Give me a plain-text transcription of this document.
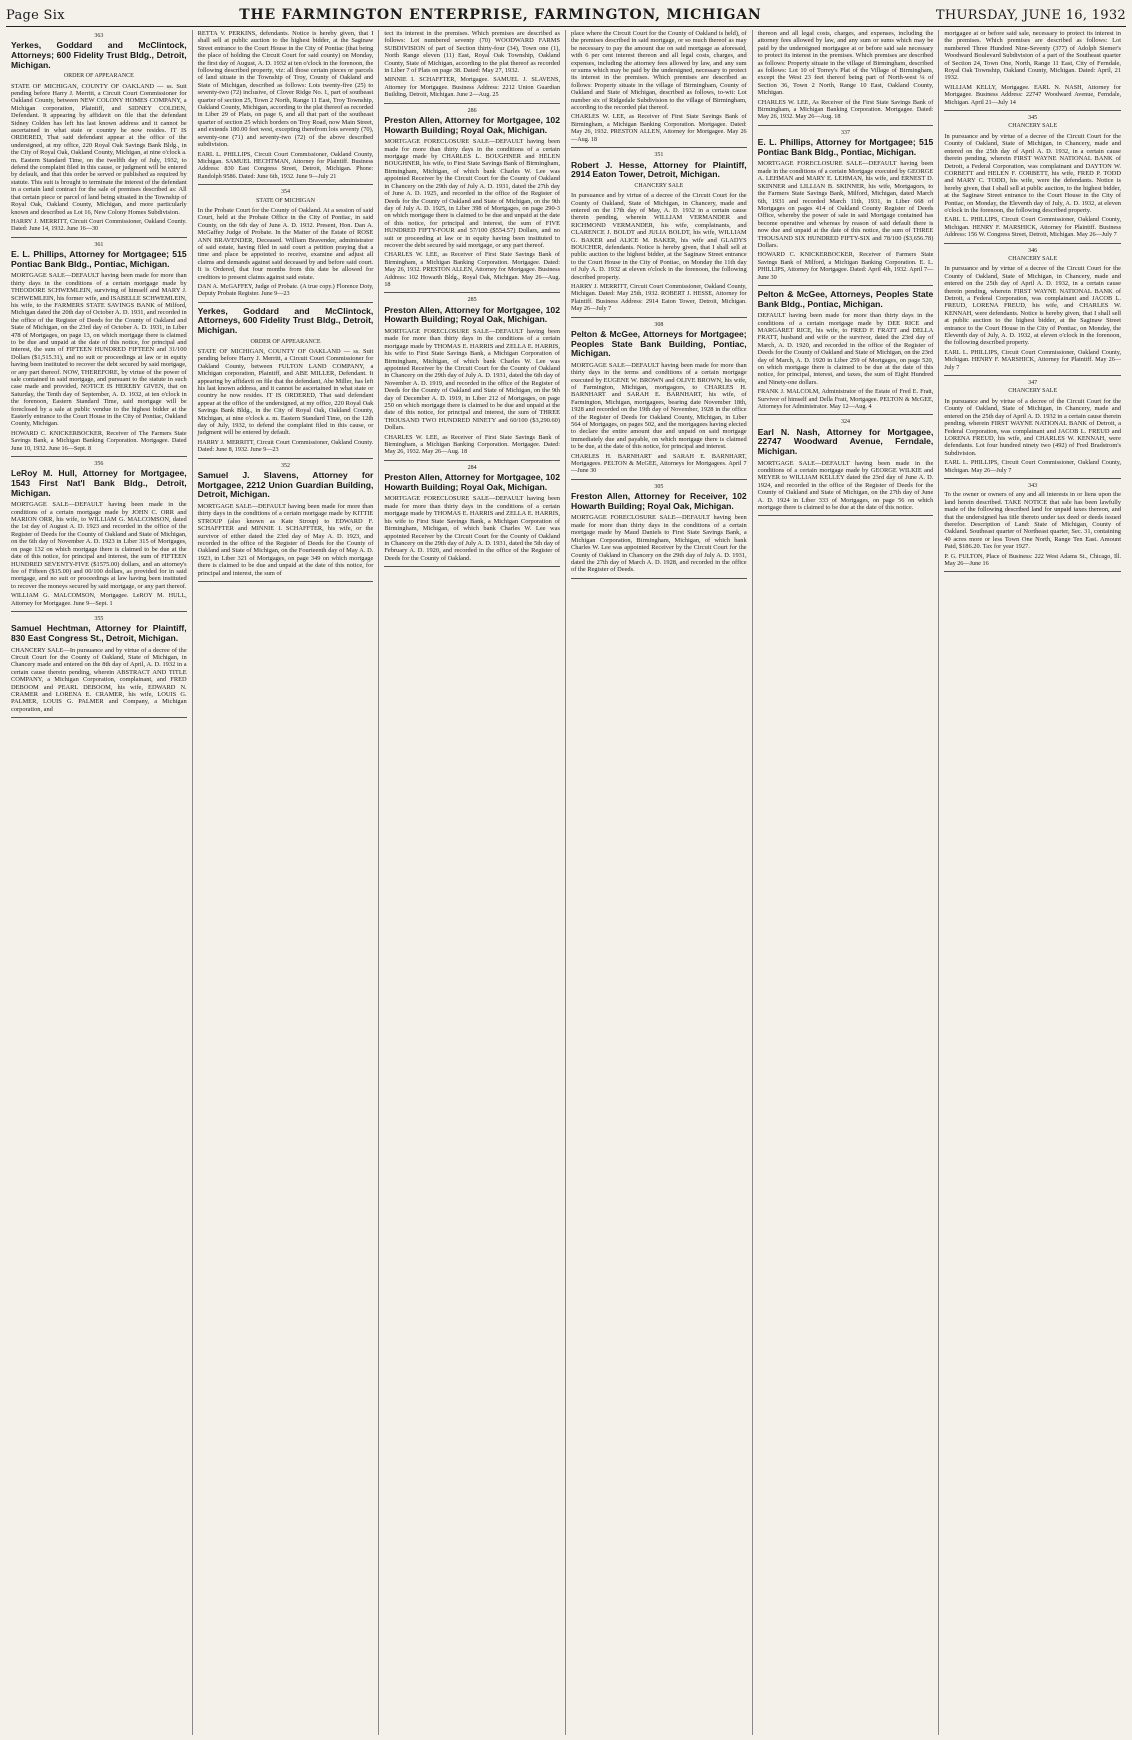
Page Six	THE FARMINGTON ENTERPRISE, FARMINGTON, MICHIGAN	THURSDAY, JUNE 16, 1932
363
Yerkes, Goddard and McClintock, Attorneys; 600 Fidelity Trust Bldg., Detroit, Michigan.
ORDER OF APPEARANCE

STATE OF MICHIGAN, COUNTY OF OAKLAND — ss. Suit pending before Harry J. Merritt, a Circuit Court Commissioner for Oakland County, between NEW COLONY HOMES COMPANY, a Michigan corporation, Plaintiff, and SIDNEY COLDEN, Defendant. It appearing by affidavit on file that the defendant Sidney Colden has left his last known address and it cannot be ascertained in what state or country he now resides. IT IS ORDERED, That said defendant appear at the office of the undersigned, at my office, 220 Royal Oak Savings Bank Bldg., in the City of Royal Oak, Oakland County, Michigan, at nine o'clock a. m. Eastern Standard Time, on the twelfth day of July, 1932, to defend the complaint filed in this cause, or judgment will be entered by default, and that this order be served or published as required by statute. This suit is brought to terminate the interest of the defendant in a certain land contract for the sale of premises described as: All that certain piece or parcel of land being situated in the Township of Royal Oak, Oakland County, Michigan, and more particularly known and described as Lot 16, New Colony Homes Subdivision.

HARRY J. MERRITT, Circuit Court Commissioner, Oakland County. Dated: June 14, 1932. June 16—30
361
E. L. Phillips, Attorney for Mortgagee; 515 Pontiac Bank Bldg., Pontiac, Michigan.

MORTGAGE SALE—DEFAULT having been made for more than thirty days in the conditions of a certain mortgage made by THEODORE SCHWEMLEIN, surviving of himself and MARY J. SCHWEMLEIN, his former wife, and ISABELLE SCHWEMLEIN, his wife, to the FARMERS STATE SAVINGS BANK of Milford, Michigan dated the 20th day of October A. D. 1931, and recorded in the office of the Register of Deeds for the County of Oakland and State of Michigan, on the 23rd day of October A. D. 1931, in Liber 478 of Mortgages, on page 13, on which mortgage there is claimed to be due and unpaid at the date of this notice, for principal and interest, the sum of FIFTEEN HUNDRED FIFTEEN and 31/100 Dollars ($1,515.31), and no suit or proceedings at law or in equity having been instituted to recover the debt secured by said mortgage, or any part thereof. NOW, THEREFORE, by virtue of the power of sale contained in said mortgage, and pursuant to the statute in such case made and provided, NOTICE IS HEREBY GIVEN, that on Saturday, the Tenth day of September, A. D. 1932, at ten o'clock in the forenoon, Eastern Standard Time, said mortgage will be foreclosed by a sale at public vendue to the highest bidder at the Easterly entrance to the Court House in the City of Pontiac, Oakland County, Michigan.

HOWARD C. KNICKERBOCKER, Receiver of The Farmers State Savings Bank, a Michigan Banking Corporation. Mortgagee. Dated June 10, 1932. June 16—Sept. 8
356
LeRoy M. Hull, Attorney for Mortgagee, 1543 First Nat'l Bank Bldg., Detroit, Michigan.

MORTGAGE SALE—DEFAULT having been made in the conditions of a certain mortgage made by JOHN C. ORR and MARION ORR, his wife, to WILLIAM G. MALCOMSON, dated the 1st day of August A. D. 1923 and recorded in the office of the Register of Deeds for the County of Oakland and State of Michigan, on the 6th day of November A. D. 1923 in Liber 315 of Mortgages, on page 132 on which mortgage there is claimed to be due at the date of this notice, for principal and interest, the sum of FIFTEEN HUNDRED SEVENTY-FIVE ($1575.00) dollars, and an attorney's fee of Fifteen ($15.00) and 00/100 dollars, as provided for in said mortgage, and no suit or proceedings at law having been instituted to recover the moneys secured by said mortgage, or any part thereof.

WILLIAM G. MALCOMSON, Mortgagee. LeROY M. HULL, Attorney for Mortgagee. June 9—Sept. 1
355
Samuel Hechtman, Attorney for Plaintiff, 830 East Congress St., Detroit, Michigan.

CHANCERY SALE—In pursuance and by virtue of a decree of the Circuit Court for the County of Oakland, State of Michigan, in Chancery made and entered on the 8th day of April, A. D. 1932 in a certain cause therein pending, wherein ABSTRACT AND TITLE COMPANY, a Michigan Corporation, complainant, and FRED DEBOOM and PEARL DEBOOM, his wife, EDWARD N. CRAMER and LORENA E. CRAMER, his wife, LOUIS G. PALMER, LOUIS G. PALMER and Company, a Michigan corporation, and

RETTA V. PERKINS, defendants. Notice is hereby given, that I shall sell at public auction to the highest bidder, at the Saginaw Street entrance to the Court House in the City of Pontiac (that being the place of holding the Circuit Court for said county) on Monday, the first day of August, A. D. 1932 at ten o'clock in the forenoon, the following described property, viz: all those certain pieces or parcels of land situate in the Township of Troy, County of Oakland and State of Michigan, described as follows: Lots twenty-five (25) to seventy-two (72) inclusive, of Clover Ridge No. 1, part of southeast quarter of section 25, Town 2 North, Range 11 East, Troy Township, Oakland County, Michigan, according to the plat thereof as recorded in Liber 29 of Plats, on page 6, and all that part of the southeast quarter of section 25 which borders on Troy Road, now Main Street, and extends 180.00 feet west, excepting therefrom lots seventy (70), seventy-one (71) and seventy-two (72) of the above described subdivision.

EARL L. PHILLIPS, Circuit Court Commissioner, Oakland County, Michigan. SAMUEL HECHTMAN, Attorney for Plaintiff. Business Address: 830 East Congress Street, Detroit, Michigan. Phone: Randolph 9586. Dated: June 6th, 1932. June 9—July 21
354
STATE OF MICHIGAN

In the Probate Court for the County of Oakland. At a session of said Court, held at the Probate Office in the City of Pontiac, in said County, on the 6th day of June A. D. 1932. Present, Hon. Dan A. McGaffey Judge of Probate. In the Matter of the Estate of ROSE ANN BRAVENDER, Deceased. William Bravender, administrator of said estate, having filed in said court a petition praying that a time and place be appointed to receive, examine and adjust all claims and demands against said deceased by and before said court. It is Ordered, that four months from this date be allowed for creditors to present claims against said estate.

DAN A. McGAFFEY, Judge of Probate. (A true copy.) Florence Doty, Deputy Probate Register. June 9—23
Yerkes, Goddard and McClintock, Attorneys, 600 Fidelity Trust Bldg., Detroit, Michigan.
ORDER OF APPEARANCE

STATE OF MICHIGAN, COUNTY OF OAKLAND — ss. Suit pending before Harry J. Merritt, a Circuit Court Commissioner for Oakland County, between FULTON LAND COMPANY, a Michigan corporation, Plaintiff, and ABE MILLER, Defendant. It appearing by affidavit on file that the defendant, Abe Miller, has left his last known address, and it cannot be ascertained in what state or country he now resides. IT IS ORDERED, That said defendant appear at the office of the undersigned, at my office, 220 Royal Oak Savings Bank Bldg., in the City of Royal Oak, Oakland County, Michigan, at nine o'clock a. m. Eastern Standard Time, on the 12th day of July, 1932, to defend the complaint filed in this cause, or judgment will be entered by default.

HARRY J. MERRITT, Circuit Court Commissioner, Oakland County. Dated: June 8, 1932. June 9—23
352
Samuel J. Slavens, Attorney for Mortgagee, 2212 Union Guardian Building, Detroit, Michigan.

MORTGAGE SALE—DEFAULT having been made for more than thirty days in the conditions of a certain mortgage made by KITTIE STROUP (also known as Kate Stroup) to EDWARD F. SCHAFFTER and MINNIE I. SCHAFFTER, his wife, or the survivor of either dated the 23rd day of May A. D. 1923, and recorded in the office of the Register of Deeds for the County of Oakland and State of Michigan, on the Fourteenth day of May A. D. 1923, in Liber 321 of Mortgages, on page 349 on which mortgage there is claimed to be due and unpaid at the date of this notice, for principal and interest, the sum of

tect its interest in the premises. Which premises are described as follows: Lot numbered seventy (70) WOODWARD FARMS SUBDIVISION of part of Section thirty-four (34), Town one (1), North Range eleven (11) East, Royal Oak Township, Oakland County, State of Michigan, according to the plat thereof as recorded in Liber 7 of Plats on page 38. Dated: May 27, 1932.

MINNIE I. SCHAFFTER, Mortgagee. SAMUEL J. SLAVENS, Attorney for Mortgagee. Business Address: 2212 Union Guardian Building, Detroit, Michigan. June 2—Aug. 25
286
Preston Allen, Attorney for Mortgagee, 102 Howarth Building; Royal Oak, Michigan.

MORTGAGE FORECLOSURE SALE—DEFAULT having been made for more than thirty days in the conditions of a certain mortgage made by CHARLES L. BOUGHNER and HELEN BOUGHNER, his wife, to First State Savings Bank of Birmingham, Birmingham, Michigan, of which bank Charles W. Lee was appointed Receiver by the Circuit Court for the County of Oakland in Chancery on the 29th day of July A. D. 1931, dated the 27th day of June A. D. 1925, and recorded in the office of the Register of Deeds for the County of Oakland and State of Michigan, on the 9th day of July A. D. 1925, in Liber 398 of Mortgages, on page 290-3 on which mortgage there is claimed to be due and unpaid at the date of this notice, for principal and interest, the sum of FIVE HUNDRED FIFTY-FOUR and 57/100 ($554.57) Dollars, and no suit or proceeding at law or in equity having been instituted to recover the debt secured by said mortgage, or any part thereof.

CHARLES W. LEE, as Receiver of First State Savings Bank of Birmingham, a Michigan Banking Corporation. Mortgagee. Dated: May 26, 1932. PRESTON ALLEN, Attorney for Mortgagee. Business Address: 102 Howarth Bldg., Royal Oak, Michigan. May 26—Aug. 18
285
Preston Allen, Attorney for Mortgagee, 102 Howarth Building; Royal Oak, Michigan.

MORTGAGE FORECLOSURE SALE—DEFAULT having been made for more than thirty days in the conditions of a certain mortgage made by THOMAS E. HARRIS and ZELLA E. HARRIS, his wife to First State Savings Bank, a Michigan Corporation of Birmingham, Michigan, of which bank Charles W. Lee was appointed Receiver by the Circuit Court for the County of Oakland in Chancery on the 29th day of July A. D. 1931, dated the 6th day of November A. D. 1919, and recorded in the office of the Register of Deeds for the County of Oakland and State of Michigan, on the 9th day of December A. D. 1919, in Liber 212 of Mortgages, on page 250 on which mortgage there is claimed to be due and unpaid at the date of this notice, for principal and interest, the sum of THREE THOUSAND TWO HUNDRED NINETY and 60/100 ($3,290.60) Dollars.

CHARLES W. LEE, as Receiver of First State Savings Bank of Birmingham, a Michigan Banking Corporation. Mortgagee. Dated: May 26, 1932. May 26—Aug. 18
284
Preston Allen, Attorney for Mortgagee, 102 Howarth Building; Royal Oak, Michigan.

MORTGAGE FORECLOSURE SALE—DEFAULT having been made for more than thirty days in the conditions of a certain mortgage made by THOMAS E. HARRIS and ZELLA E. HARRIS, his wife to First State Savings Bank, a Michigan Corporation of Birmingham, Michigan, of which bank Charles W. Lee was appointed Receiver by the Circuit Court for the County of Oakland in Chancery on the 29th day of July A. D. 1931, dated the 5th day of February A. D. 1920, and recorded in the office of the Register of Deeds for the County of Oakland.

place where the Circuit Court for the County of Oakland is held), of the premises described in said mortgage, or so much thereof as may be necessary to pay the amount due on said mortgage as aforesaid, with 6 per cent interest thereon and all legal costs, charges, and expenses, including the attorney fees allowed by law, and any sum or sums which may be paid by the undersigned, necessary to protect its interest in the premises. Which premises are described as follows: Property situate in the village of Birmingham, County of Oakland and State of Michigan, described as follows, to-wit: Lot number six of Ridgedale Subdivision to the village of Birmingham, according to the recorded plat thereof.

CHARLES W. LEE, as Receiver of First State Savings Bank of Birmingham, a Michigan Banking Corporation. Mortgagee. Dated: May 26, 1932. PRESTON ALLEN, Attorney for Mortgagee. May 26—Aug. 18
351
Robert J. Hesse, Attorney for Plaintiff, 2914 Eaton Tower, Detroit, Michigan.
CHANCERY SALE

In pursuance and by virtue of a decree of the Circuit Court for the County of Oakland, State of Michigan, in Chancery, made and entered on the 17th day of May, A. D. 1932 in a certain cause therein pending, wherein WILLIAM VERMANDER and RICHMOND VERMANDER, his wife, complainants, and CLARENCE J. BOLDT and JULIA BOLDT, his wife, WILLIAM G. BAKER and ALICE M. BAKER, his wife and GLADYS BOUCHER, defendants. Notice is hereby given, that I shall sell at public auction to the highest bidder, at the Saginaw Street entrance to the Court House in the City of Pontiac, on Monday the 11th day of July A. D. 1932 at eleven o'clock in the forenoon, the following described property.

HARRY J. MERRITT, Circuit Court Commissioner, Oakland County, Michigan. Dated: May 25th, 1932. ROBERT J. HESSE, Attorney for Plaintiff. Business Address: 2914 Eaton Tower, Detroit, Michigan. May 26—July 7
308
Pelton & McGee, Attorneys for Mortgagee; Peoples State Bank Building, Pontiac, Michigan.

MORTGAGE SALE—DEFAULT having been made for more than thirty days in the terms and conditions of a certain mortgage executed by EUGENE W. BROWN and OLIVE BROWN, his wife, of Farmington, Michigan, mortgagors, to CHARLES H. BARNHART and SARAH E. BARNHART, his wife, of Farmington, Michigan, mortgagees, bearing date November 18th, 1928 and recorded on the 19th day of November, 1928 in the office of the Register of Deeds for Oakland County, Michigan, in Liber 564 of Mortgages, on pages 502, and the mortgagees having elected to declare the entire amount due and unpaid on said mortgage immediately due and payable, on which mortgage there is claimed to be due, at the date of this notice, for principal and interest.

CHARLES H. BARNHART and SARAH E. BARNHART, Mortgagees. PELTON & McGEE, Attorneys for Mortgagees. April 7—June 30
305
Freston Allen, Attorney for Receiver, 102 Howarth Building; Royal Oak, Michigan.

MORTGAGE FORECLOSURE SALE—DEFAULT having been made for more than thirty days in the conditions of a certain mortgage made by Maud Daniels to First State Savings Bank, a Michigan Corporation, Birmingham, Michigan, of which bank Charles W. Lee was appointed Receiver by the Circuit Court for the County of Oakland in Chancery on the 29th day of July A. D. 1931, dated the 27th day of March A. D. 1928, and recorded in the office of the Register of Deeds.

thereon and all legal costs, charges, and expenses, including the attorney fees allowed by law, and any sum or sums which may be paid by the undersigned mortgagee at or before said sale necessary to protect its interest in the premises. Which premises are described as follows: Property situate in the village of Birmingham, described as follows: Lot 10 of Torrey's Plat of the Village of Birmingham, except the West 23 feet thereof being part of North-west ¼ of Section 36, Town 2 North, Range 10 East, Oakland County, Michigan.

CHARLES W. LEE, As Receiver of the First State Savings Bank of Birmingham, a Michigan Banking Corporation. Mortgagee. Dated: May 26, 1932. May 26—Aug. 18
337
E. L. Phillips, Attorney for Mortgagee; 515 Pontiac Bank Bldg., Pontiac, Michigan.

MORTGAGE FORECLOSURE SALE—DEFAULT having been made in the conditions of a certain Mortgage executed by GEORGE A. LEHMAN and MARY E. LEHMAN, his wife, and ERNEST D. SKINNER and LILLIAN B. SKINNER, his wife, Mortgagors, to the Farmers State Savings Bank, Milford, Michigan, dated March 6th, 1931 and recorded March 11th, 1931, in Liber 668 of Mortgages on pages 414 of Oakland County Register of Deeds Office, whereby the power of sale in said Mortgage contained has become operative and whereas by reason of said default there is now due and unpaid at the date of this notice, the sum of THREE THOUSAND SIX HUNDRED FIFTY-SIX and 78/100 ($3,656.78) Dollars.

HOWARD C. KNICKERBOCKER, Receiver of Farmers State Savings Bank of Milford, a Michigan Banking Corporation. E. L. PHILLIPS, Attorney for Mortgagee. Dated: April 4th, 1932. April 7—June 30
Pelton & McGee, Attorneys, Peoples State Bank Bldg., Pontiac, Michigan.

DEFAULT having been made for more than thirty days in the conditions of a certain mortgage made by DEE RICE and MARGARET RICE, his wife, to FRED F. FRATT and DELLA FRATT, husband and wife or the survivor, dated the 23rd day of March, A. D. 1920, and recorded in the office of the Register of Deeds for the County of Oakland and State of Michigan, on the 23rd day of March, A. D. 1920 in Liber 259 of Mortgages, on page 520, on which mortgage there is claimed to be due at the date of this notice, for principal, interest, and taxes, the sum of Eight Hundred and Ninety-one dollars.

FRANK J. MALCOLM, Administrator of the Estate of Fred E. Fratt, Survivor of himself and Della Fratt, Mortgagee. PELTON & McGEE, Attorneys for Administrator. May 12—Aug. 4
324
Earl N. Nash, Attorney for Mortgagee, 22747 Woodward Avenue, Ferndale, Michigan.

MORTGAGE SALE—DEFAULT having been made in the conditions of a certain mortgage made by GEORGE WILKIE and MEYER to WILLIAM KELLEY dated the 23rd day of June A. D. 1924, and recorded in the office of the Register of Deeds for the County of Oakland and State of Michigan, on the 27th day of June A. D. 1924 in Liber 333 of Mortgages, on page 56 on which mortgage there is claimed to be due at the date of this notice.

mortgagee at or before said sale, necessary to protect its interest in the premises. Which premises are described as follows: Lot numbered Three Hundred Nine-Seventy (377) of Adolph Siemer's Woodward Boulevard Subdivision of a part of the Southeast quarter of Section 24, Town One, North, Range 11 East, City of Ferndale, Royal Oak Township, Oakland County, Michigan. Dated: April, 21 1932.

WILLIAM KELLY, Mortgagee. EARL N. NASH, Attorney for Mortgagee. Business Address: 22747 Woodward Avenue, Ferndale, Michigan. April 21—July 14
345
CHANCERY SALE

In pursuance and by virtue of a decree of the Circuit Court for the County of Oakland, State of Michigan, in Chancery, made and entered on the 25th day of April A. D. 1932, in a certain cause therein pending, wherein FIRST WAYNE NATIONAL BANK of Detroit, a Federal Corporation, was complainant and DAYTON W. CORBETT and HELEN F. CORBETT, his wife, FRED P. TODD and MARY C. TODD, his wife, were the defendants. Notice is hereby given, that I shall sell at public auction, to the highest bidder, at the Saginaw Street entrance to the Court House in the City of Pontiac, on Monday, the Eleventh day of July, A. D. 1932, at eleven o'clock in the forenoon, the following described property.

EARL L. PHILLIPS, Circuit Court Commissioner, Oakland County, Michigan. HENRY F. MARSHICK, Attorney for Plaintiff. Business Address: 156 W. Congress Street, Detroit, Michigan. May 26—July 7
346
CHANCERY SALE

In pursuance and by virtue of a decree of the Circuit Court for the County of Oakland, State of Michigan, in Chancery, made and entered on the 25th day of April A. D. 1932, in a certain cause therein pending, wherein FIRST WAYNE NATIONAL BANK of Detroit, a Federal Corporation, was complainant and JACOB L. FREUD, LORENA FREUD, his wife, and CHARLES W. KENNAH, were defendants. Notice is hereby given, that I shall sell at public auction to the highest bidder, at the Saginaw Street entrance to the Court House in the City of Pontiac, on Monday, the Eleventh day of July, A. D. 1932, at eleven o'clock in the forenoon, the following described property.

EARL L. PHILLIPS, Circuit Court Commissioner, Oakland County, Michigan. HENRY F. MARSHICK, Attorney for Plaintiff. May 26—July 7
347
CHANCERY SALE

In pursuance and by virtue of a decree of the Circuit Court for the County of Oakland, State of Michigan, in Chancery, made and entered on the 25th day of April A. D. 1932 in a certain cause therein pending, wherein FIRST WAYNE NATIONAL BANK of Detroit, a Federal Corporation, was complainant and JACOB L. FREUD and LORENA FREUD, his wife, and CHARLES W. KENNAH, were defendants. Lot four hundred ninety two (492) of Fred Bradstrom's Subdivision.

EARL L. PHILLIPS, Circuit Court Commissioner, Oakland County, Michigan. May 26—July 7
343

To the owner or owners of any and all interests in or liens upon the land herein described. TAKE NOTICE that sale has been lawfully made of the following described land for unpaid taxes thereon, and that the undersigned has title thereto under tax deed or deeds issued therefor. Description of Land: State of Michigan, County of Oakland. Southeast quarter of Northeast quarter, Sec. 31, containing 40 acres more or less Town One North, Range Ten East. Amount Paid, $186.20. Tax for year 1927.

P. G. FULTON, Place of Business: 222 West Adams St., Chicago, Ill. May 26—June 16
